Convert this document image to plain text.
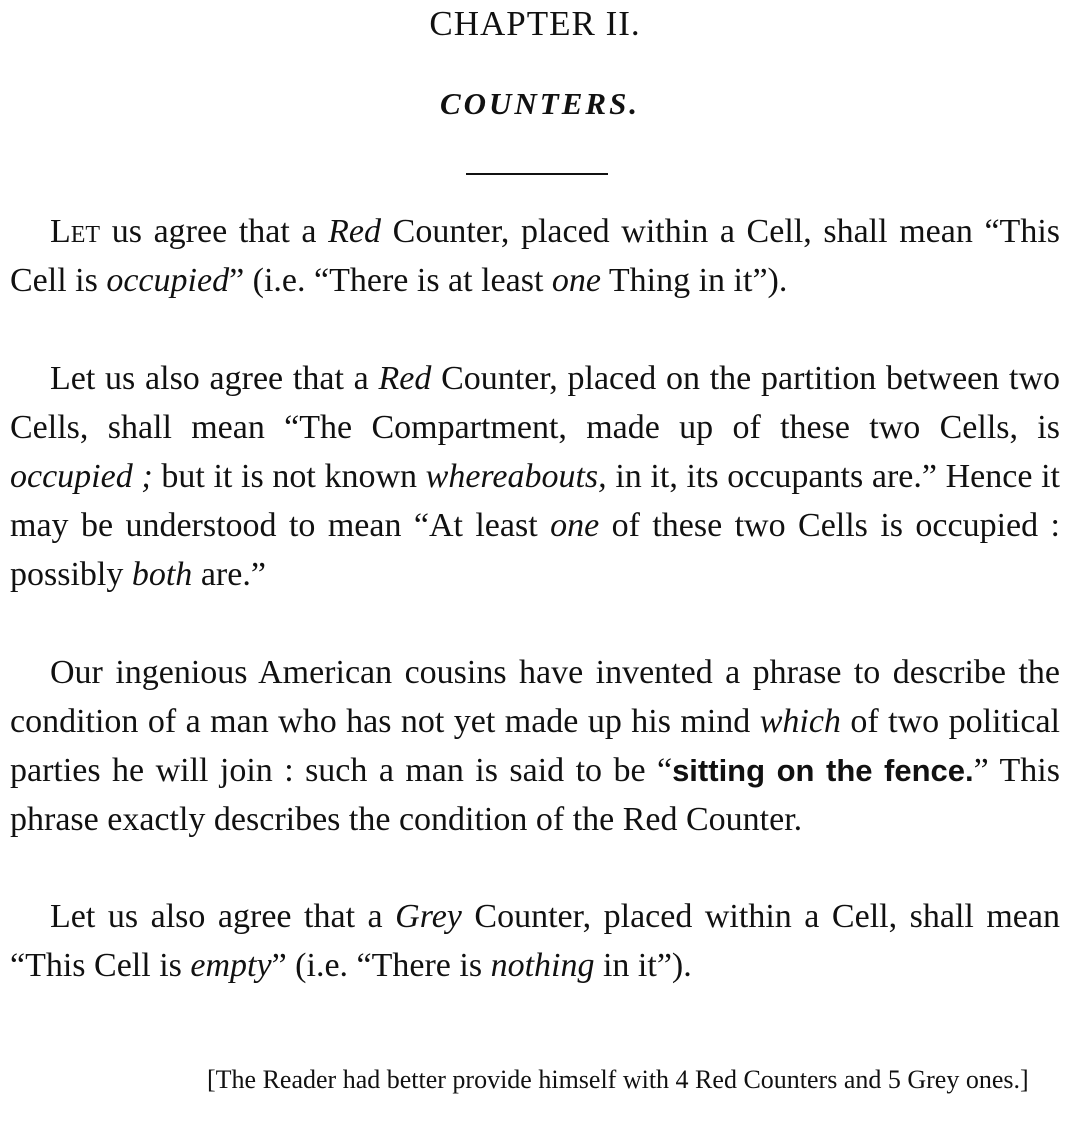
CHAPTER II.
COUNTERS.

Let us agree that a Red Counter, placed within a Cell, shall mean “This Cell is occupied” (i.e. “There is at least one Thing in it”).

Let us also agree that a Red Counter, placed on the partition between two Cells, shall mean “The Compartment, made up of these two Cells, is occupied ; but it is not known whereabouts, in it, its occupants are.” Hence it may be understood to mean “At least one of these two Cells is occupied : possibly both are.”

Our ingenious American cousins have invented a phrase to describe the condition of a man who has not yet made up his mind which of two political parties he will join : such a man is said to be “sitting on the fence.” This phrase exactly describes the condition of the Red Counter.

Let us also agree that a Grey Counter, placed within a Cell, shall mean “This Cell is empty” (i.e. “There is nothing in it”).

[The Reader had better provide himself with 4 Red Counters and 5 Grey ones.]
